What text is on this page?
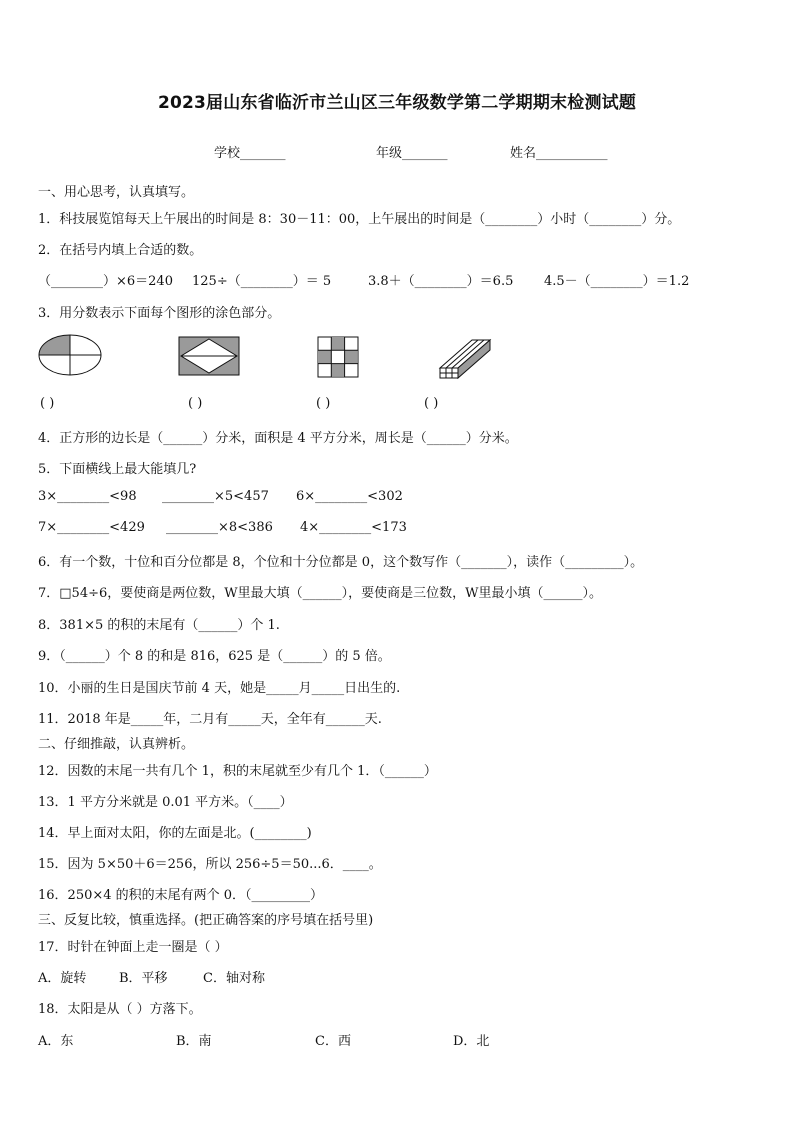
2023届山东省临沂市兰山区三年级数学第二学期期末检测试题
学校_______	年级_______	姓名___________
一、用心思考，认真填写。
1．科技展览馆每天上午展出的时间是 8：30－11：00，上午展出的时间是（________）小时（________）分。
2．在括号内填上合适的数。
（________）×6＝240 125÷（________）＝ 5	3.8＋（________）＝6.5 4.5－（________）＝1.2
3．用分数表示下面每个图形的涂色部分。
( )	( )	( )	( )
4．正方形的边长是（______）分米，面积是 4 平方分米，周长是（______）分米。
5．下面横线上最大能填几?
3×________<98 ________×5<457 6×________<302
7×________<429 ________×8<386 4×________<173
6．有一个数，十位和百分位都是 8，个位和十分位都是 0，这个数写作（_______），读作（_________）。
7．□54÷6，要使商是两位数，W里最大填（______），要使商是三位数，W里最小填（______）。
8．381×5 的积的末尾有（______）个 1.
9．（______）个 8 的和是 816，625 是（______）的 5 倍。
10．小丽的生日是国庆节前 4 天，她是_____月_____日出生的.
11．2018 年是_____年，二月有_____天，全年有______天.
二、仔细推敲，认真辨析。
12．因数的末尾一共有几个 1，积的末尾就至少有几个 1．（______）
13．1 平方分米就是 0.01 平方米。（____）
14．早上面对太阳，你的左面是北。(________)
15．因为 5×50＋6＝256，所以 256÷5＝50...6．____。
16．250×4 的积的末尾有两个 0．（_________）
三、反复比较，慎重选择。(把正确答案的序号填在括号里)
17．时针在钟面上走一圈是（ ）
A．旋转	B．平移	C．轴对称
18．太阳是从（ ）方落下。
A．东	B．南	C．西	D．北
